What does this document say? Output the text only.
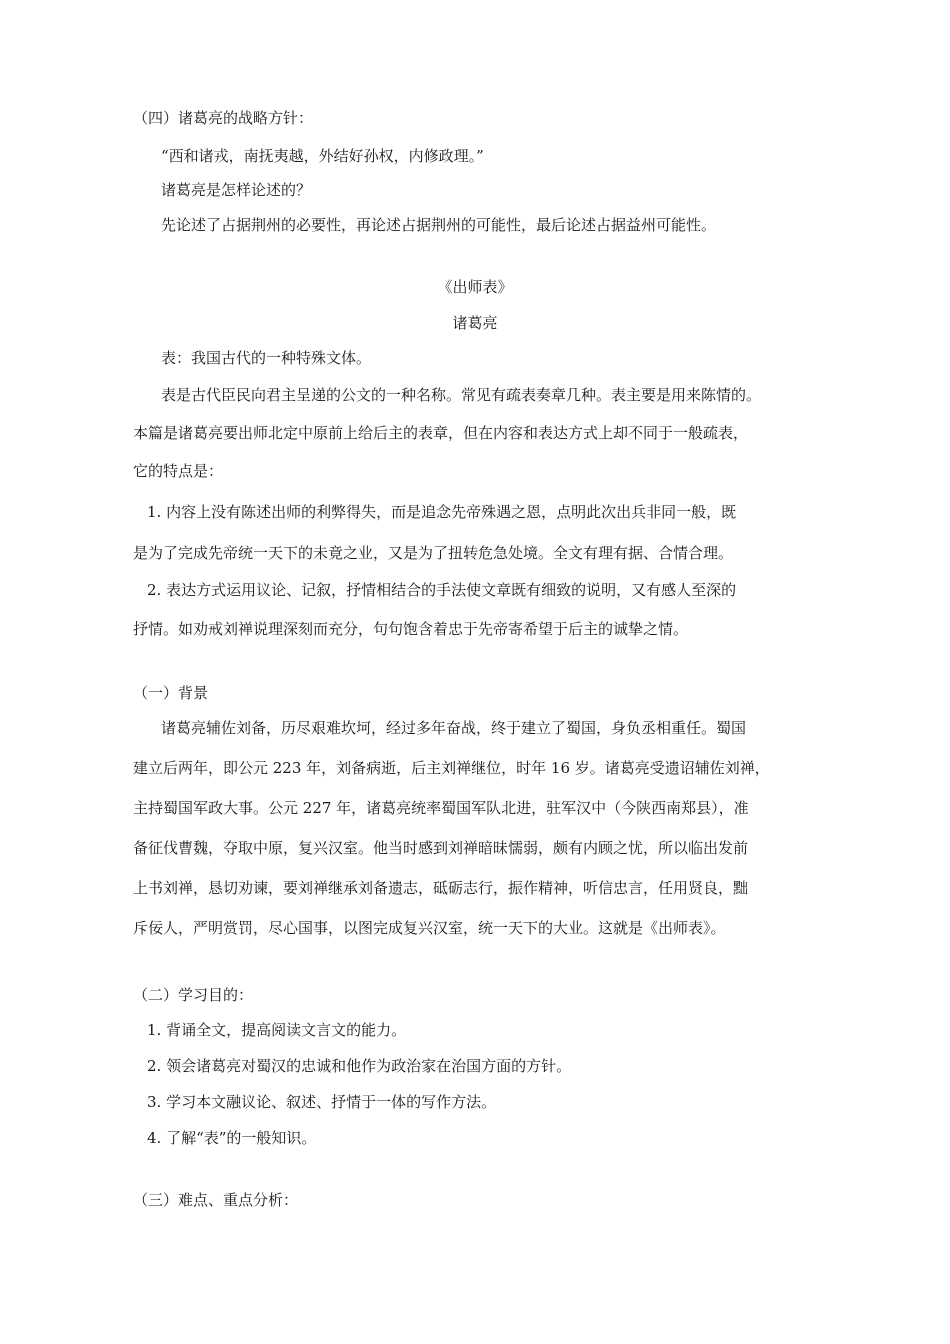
（四）诸葛亮的战略方针：
“西和诸戎，南抚夷越，外结好孙权，内修政理。”
诸葛亮是怎样论述的？
先论述了占据荆州的必要性，再论述占据荆州的可能性，最后论述占据益州可能性。
《出师表》
诸葛亮
表：我国古代的一种特殊文体。
表是古代臣民向君主呈递的公文的一种名称。常见有疏表奏章几种。表主要是用来陈情的。
本篇是诸葛亮要出师北定中原前上给后主的表章，但在内容和表达方式上却不同于一般疏表，
它的特点是：
1. 内容上没有陈述出师的利弊得失，而是追念先帝殊遇之恩，点明此次出兵非同一般，既
是为了完成先帝统一天下的未竟之业，又是为了扭转危急处境。全文有理有据、合情合理。
2. 表达方式运用议论、记叙，抒情相结合的手法使文章既有细致的说明，又有感人至深的
抒情。如劝戒刘禅说理深刻而充分，句句饱含着忠于先帝寄希望于后主的诚挚之情。
（一）背景
诸葛亮辅佐刘备，历尽艰难坎坷，经过多年奋战，终于建立了蜀国，身负丞相重任。蜀国
建立后两年，即公元 223 年，刘备病逝，后主刘禅继位，时年 16 岁。诸葛亮受遗诏辅佐刘禅，
主持蜀国军政大事。公元 227 年，诸葛亮统率蜀国军队北进，驻军汉中（今陕西南郑县），准
备征伐曹魏，夺取中原，复兴汉室。他当时感到刘禅暗昧懦弱，颇有内顾之忧，所以临出发前
上书刘禅，恳切劝谏，要刘禅继承刘备遗志，砥砺志行，振作精神，听信忠言，任用贤良，黜
斥佞人，严明赏罚，尽心国事，以图完成复兴汉室，统一天下的大业。这就是《出师表》。
（二）学习目的：
1. 背诵全文，提高阅读文言文的能力。
2. 领会诸葛亮对蜀汉的忠诚和他作为政治家在治国方面的方针。
3. 学习本文融议论、叙述、抒情于一体的写作方法。
4. 了解“表”的一般知识。
（三）难点、重点分析：
